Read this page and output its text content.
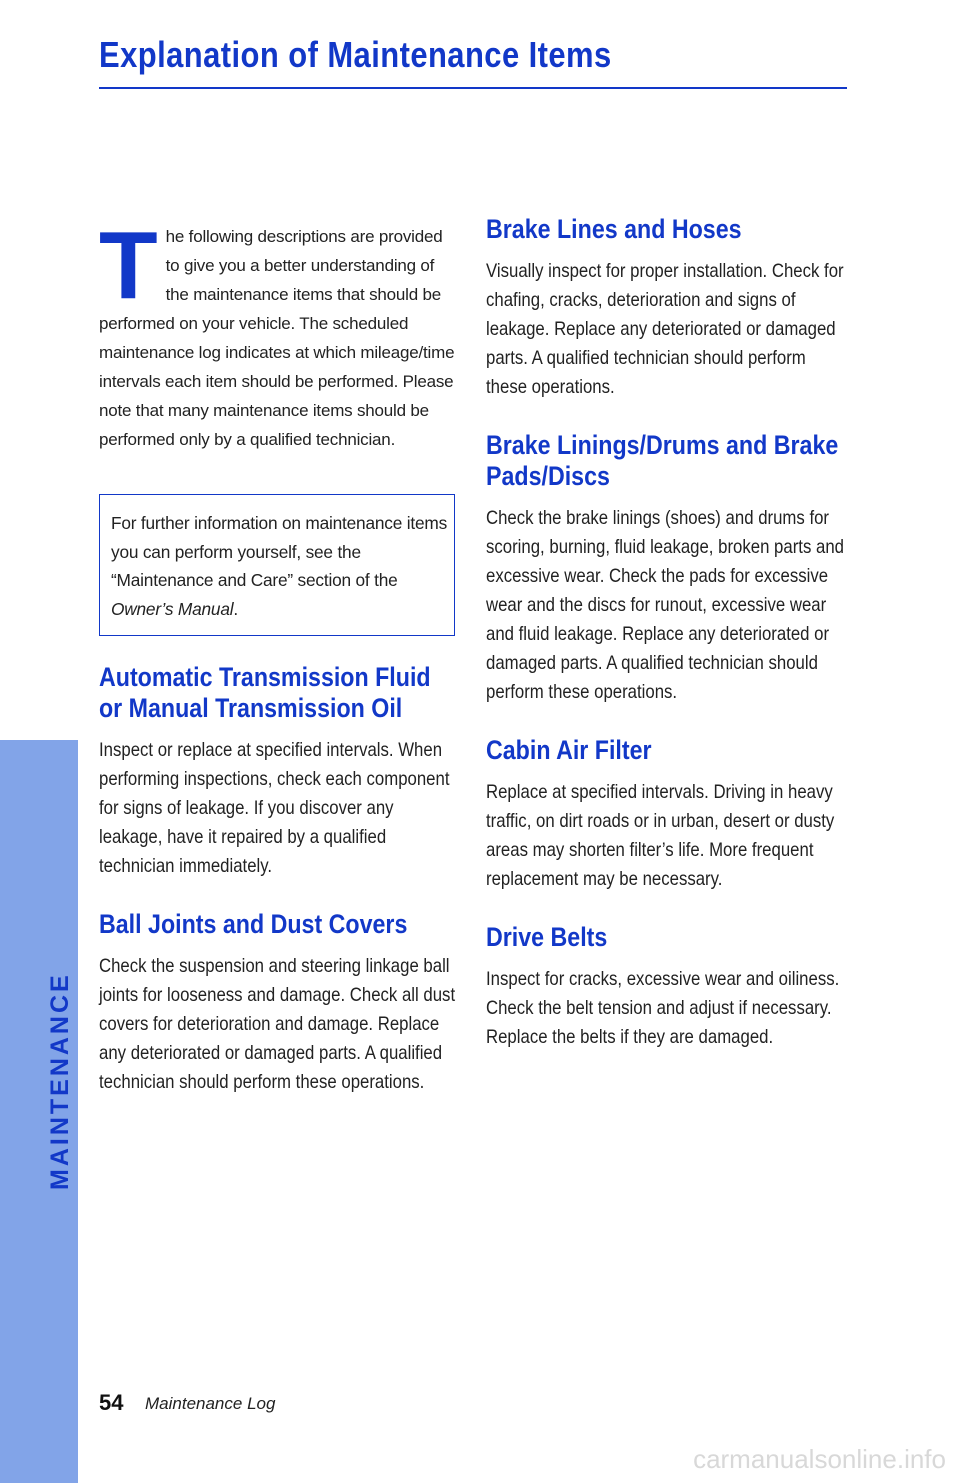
Explanation of Maintenance Items
T he following descriptions are provided to give you a better understanding of the maintenance items that should be performed on your vehicle. The scheduled maintenance log indicates at which mileage/time intervals each item should be performed. Please note that many maintenance items should be performed only by a qualified technician.

For further information on maintenance items you can perform yourself, see the “Maintenance and Care” section of the Owner’s Manual.

Automatic Transmission Fluid or Manual Transmission Oil

Inspect or replace at specified intervals. When performing inspections, check each component for signs of leakage. If you discover any leakage, have it repaired by a qualified technician immediately.

Ball Joints and Dust Covers

Check the suspension and steering linkage ball joints for looseness and damage. Check all dust covers for deterioration and damage. Replace any deteriorated or damaged parts. A qualified technician should perform these operations.

Brake Lines and Hoses

Visually inspect for proper installation. Check for chafing, cracks, deterioration and signs of leakage. Replace any deteriorated or damaged parts. A qualified technician should perform these operations.

Brake Linings/Drums and Brake Pads/Discs

Check the brake linings (shoes) and drums for scoring, burning, fluid leakage, broken parts and excessive wear. Check the pads for excessive wear and the discs for runout, excessive wear and fluid leakage. Replace any deteriorated or damaged parts. A qualified technician should perform these operations.

Cabin Air Filter

Replace at specified intervals. Driving in heavy traffic, on dirt roads or in urban, desert or dusty areas may shorten filter’s life. More frequent replacement may be necessary.

Drive Belts

Inspect for cracks, excessive wear and oiliness. Check the belt tension and adjust if necessary. Replace the belts if they are damaged.

MAINTENANCE
54 Maintenance Log
carmanualsonline.info
